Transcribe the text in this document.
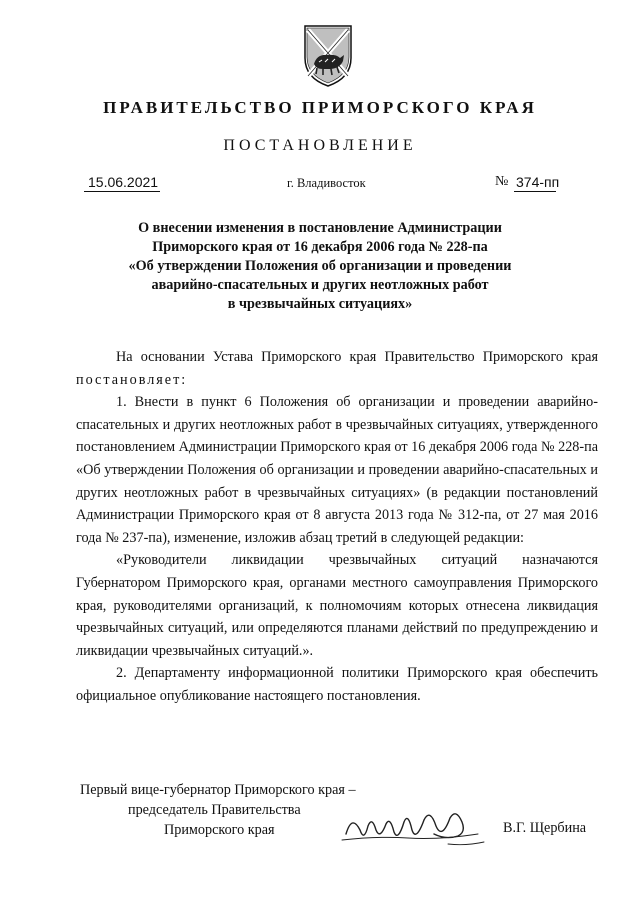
ПРАВИТЕЛЬСТВО ПРИМОРСКОГО КРАЯ
ПОСТАНОВЛЕНИЕ
15.06.2021	г. Владивосток	№ 374-пп
О внесении изменения в постановление Администрации
Приморского края от 16 декабря 2006 года № 228-па
«Об утверждении Положения об организации и проведении
аварийно-спасательных и других неотложных работ
в чрезвычайных ситуациях»

На основании Устава Приморского края Правительство Приморского края постановляет:

1. Внести в пункт 6 Положения об организации и проведении аварийно-спасательных и других неотложных работ в чрезвычайных ситуациях, утвержденного постановлением Администрации Приморского края от 16 декабря 2006 года № 228-па «Об утверждении Положения об организации и проведении аварийно-спасательных и других неотложных работ в чрезвычайных ситуациях» (в редакции постановлений Администрации Приморского края от 8 августа 2013 года № 312-па, от 27 мая 2016 года № 237-па), изменение, изложив абзац третий в следующей редакции:

«Руководители ликвидации чрезвычайных ситуаций назначаются Губернатором Приморского края, органами местного самоуправления Приморского края, руководителями организаций, к полномочиям которых отнесена ликвидация чрезвычайных ситуаций, или определяются планами действий по предупреждению и ликвидации чрезвычайных ситуаций.».

2. Департаменту информационной политики Приморского края обеспечить официальное опубликование настоящего постановления.

Первый вице-губернатор Приморского края –
председатель Правительства
Приморского края	В.Г. Щербина
